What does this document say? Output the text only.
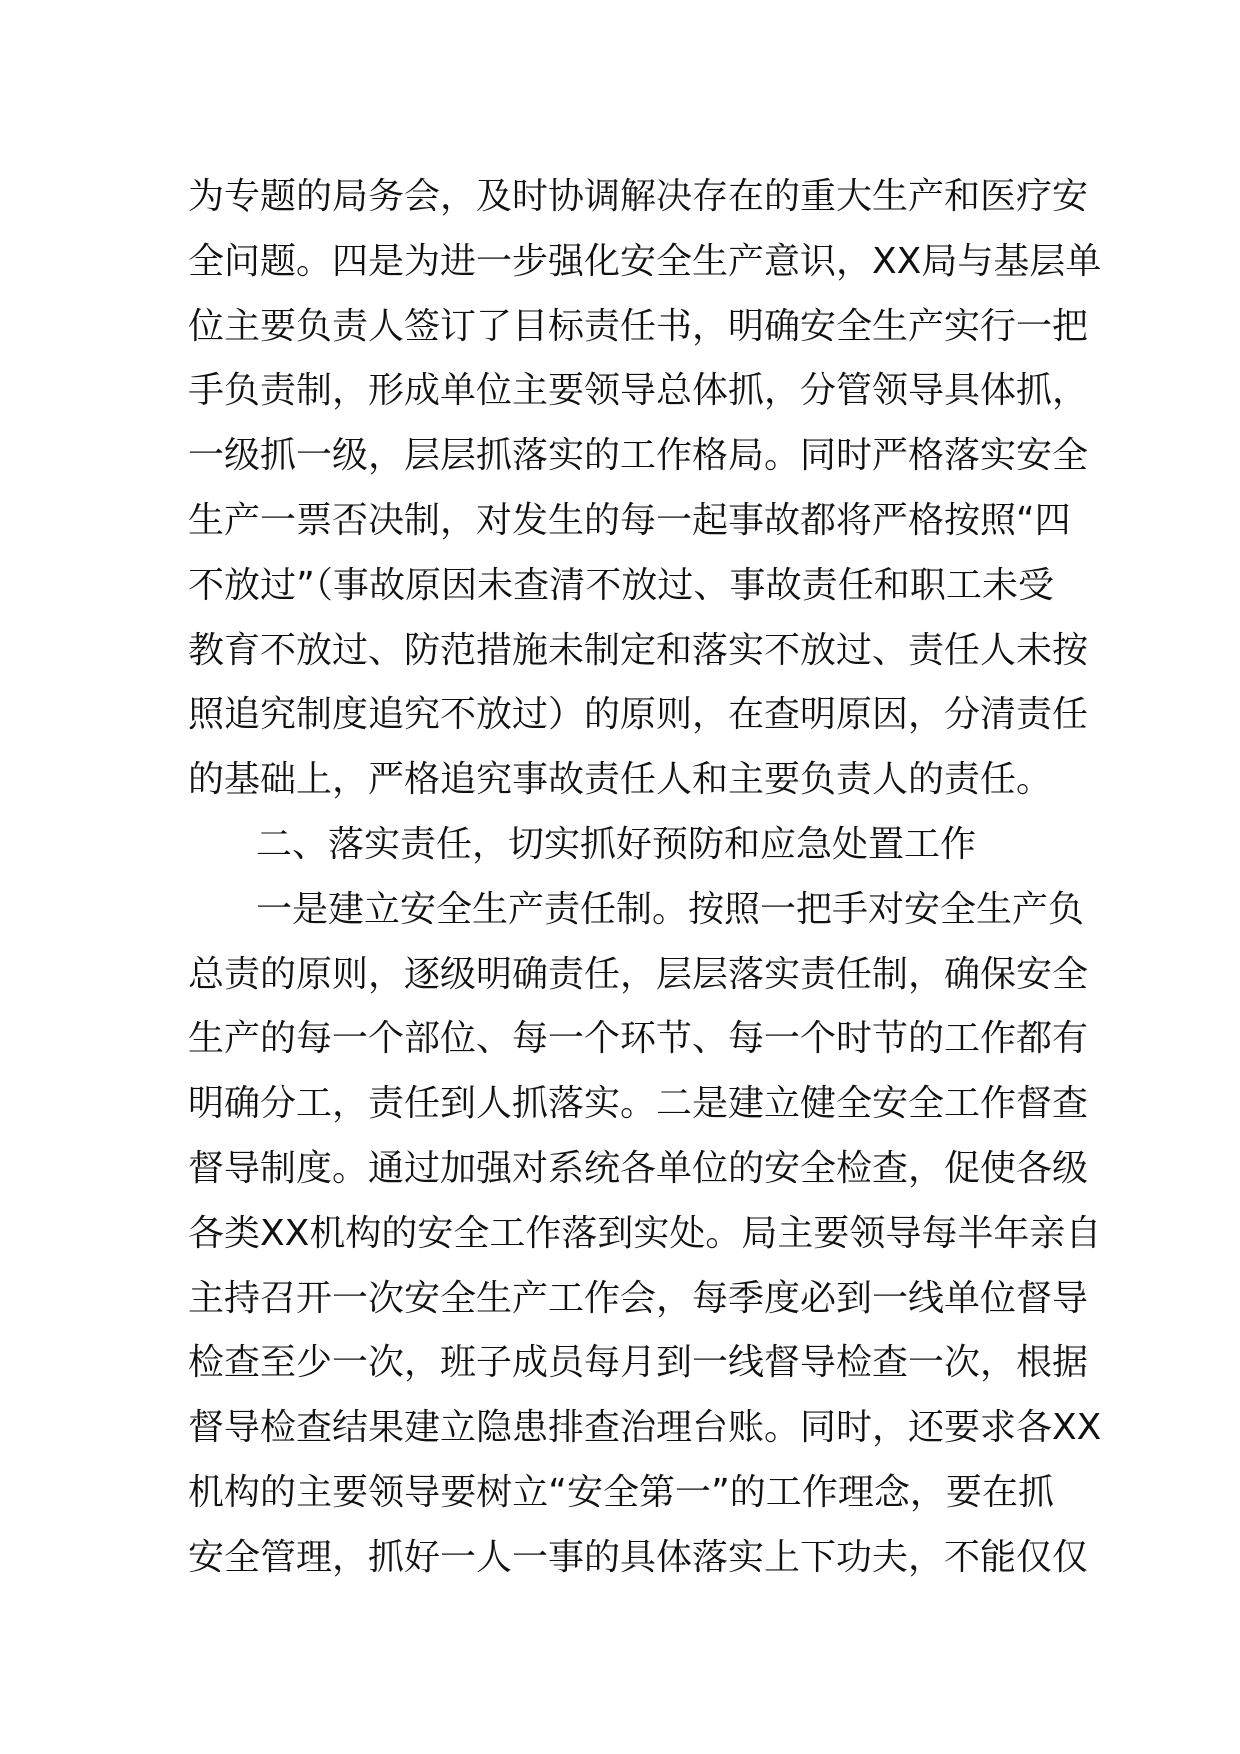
为专题的局务会，及时协调解决存在的重大生产和医疗安
全问题。四是为进一步强化安全生产意识，XX局与基层单
位主要负责人签订了目标责任书，明确安全生产实行一把
手负责制，形成单位主要领导总体抓，分管领导具体抓，
一级抓一级，层层抓落实的工作格局。同时严格落实安全
生产一票否决制，对发生的每一起事故都将严格按照“四
不放过”（事故原因未查清不放过、事故责任和职工未受
教育不放过、防范措施未制定和落实不放过、责任人未按
照追究制度追究不放过）的原则，在查明原因，分清责任
的基础上，严格追究事故责任人和主要负责人的责任。
二、落实责任，切实抓好预防和应急处置工作
一是建立安全生产责任制。按照一把手对安全生产负
总责的原则，逐级明确责任，层层落实责任制，确保安全
生产的每一个部位、每一个环节、每一个时节的工作都有
明确分工，责任到人抓落实。二是建立健全安全工作督查
督导制度。通过加强对系统各单位的安全检查，促使各级
各类XX机构的安全工作落到实处。局主要领导每半年亲自
主持召开一次安全生产工作会，每季度必到一线单位督导
检查至少一次，班子成员每月到一线督导检查一次，根据
督导检查结果建立隐患排查治理台账。同时，还要求各XX
机构的主要领导要树立“安全第一”的工作理念，要在抓
安全管理，抓好一人一事的具体落实上下功夫，不能仅仅
